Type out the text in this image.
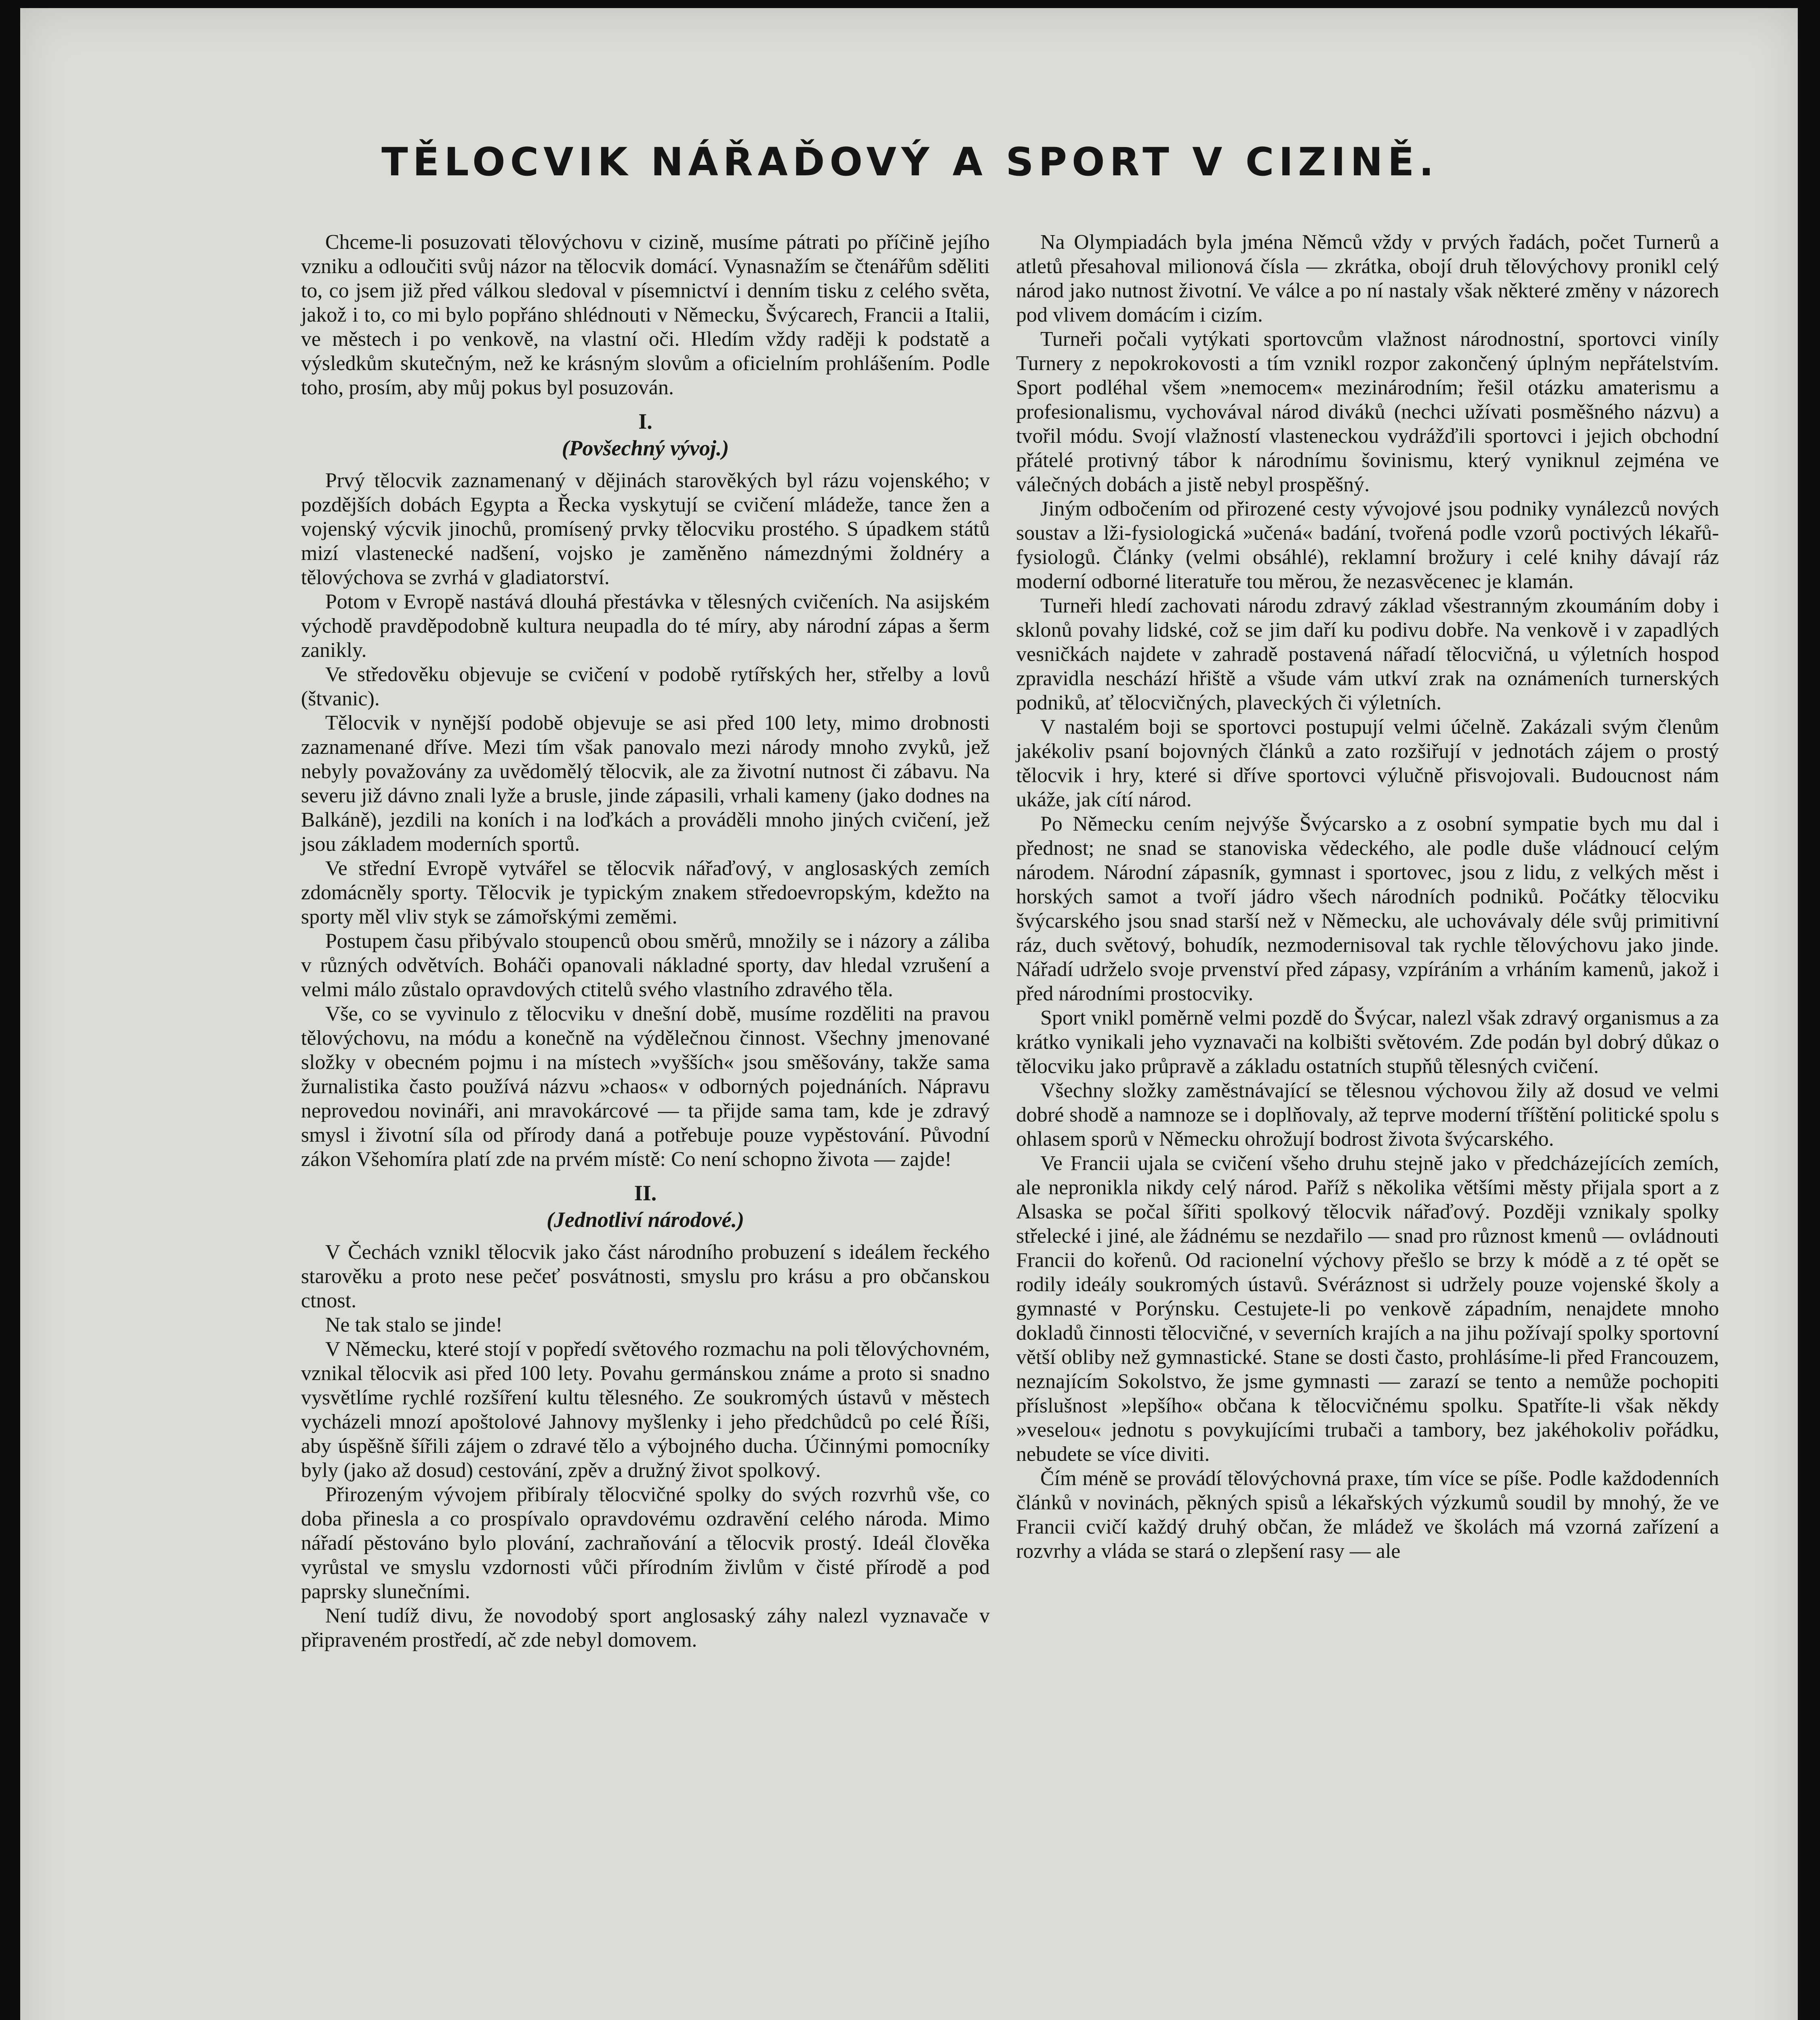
TĚLOCVIK NÁŘAĎOVÝ A SPORT V CIZINĚ.

Chceme-li posuzovati tělovýchovu v cizině, musíme pátrati po příčině jejího vzniku a odloučiti svůj názor na tělocvik domácí. Vynasnažím se čtenářům sděliti to, co jsem již před válkou sledoval v písemnictví i denním tisku z celého světa, jakož i to, co mi bylo popřáno shlédnouti v Německu, Švýcarech, Francii a Italii, ve městech i po venkově, na vlastní oči. Hledím vždy raději k podstatě a výsledkům skutečným, než ke krásným slovům a oficielním prohlášením. Podle toho, prosím, aby můj pokus byl posuzován.

I.
(Povšechný vývoj.)

Prvý tělocvik zaznamenaný v dějinách starověkých byl rázu vojenského; v pozdějších dobách Egypta a Řecka vyskytují se cvičení mládeže, tance žen a vojenský výcvik jinochů, promísený prvky tělocviku prostého. S úpadkem států mizí vlastenecké nadšení, vojsko je zaměněno námezdnými žoldnéry a tělovýchova se zvrhá v gladiatorství.

Potom v Evropě nastává dlouhá přestávka v tělesných cvičeních. Na asijském východě pravděpodobně kultura neupadla do té míry, aby národní zápas a šerm zanikly.

Ve středověku objevuje se cvičení v podobě rytířských her, střelby a lovů (štvanic).

Tělocvik v nynější podobě objevuje se asi před 100 lety, mimo drobnosti zaznamenané dříve. Mezi tím však panovalo mezi národy mnoho zvyků, jež nebyly považovány za uvědomělý tělocvik, ale za životní nutnost či zábavu. Na severu již dávno znali lyže a brusle, jinde zápasili, vrhali kameny (jako dodnes na Balkáně), jezdili na koních i na loďkách a prováděli mnoho jiných cvičení, jež jsou základem moderních sportů.

Ve střední Evropě vytvářel se tělocvik nářaďový, v anglosaských zemích zdomácněly sporty. Tělocvik je typickým znakem středoevropským, kdežto na sporty měl vliv styk se zámořskými zeměmi.

Postupem času přibývalo stoupenců obou směrů, množily se i názory a záliba v různých odvětvích. Boháči opanovali nákladné sporty, dav hledal vzrušení a velmi málo zůstalo opravdových ctitelů svého vlastního zdravého těla.

Vše, co se vyvinulo z tělocviku v dnešní době, musíme rozděliti na pravou tělovýchovu, na módu a konečně na výdělečnou činnost. Všechny jmenované složky v obecném pojmu i na místech »vyšších« jsou směšovány, takže sama žurnalistika často používá názvu »chaos« v odborných pojednáních. Nápravu neprovedou novináři, ani mravokárcové — ta přijde sama tam, kde je zdravý smysl i životní síla od přírody daná a potřebuje pouze vypěstování. Původní zákon Všehomíra platí zde na prvém místě: Co není schopno života — zajde!

II.
(Jednotliví národové.)

V Čechách vznikl tělocvik jako část národního probuzení s ideálem řeckého starověku a proto nese pečeť posvátnosti, smyslu pro krásu a pro občanskou ctnost.

Ne tak stalo se jinde!

V Německu, které stojí v popředí světového rozmachu na poli tělovýchovném, vznikal tělocvik asi před 100 lety. Povahu germánskou známe a proto si snadno vysvětlíme rychlé rozšíření kultu tělesného. Ze soukromých ústavů v městech vycházeli mnozí apoštolové Jahnovy myšlenky i jeho předchůdců po celé Říši, aby úspěšně šířili zájem o zdravé tělo a výbojného ducha. Účinnými pomocníky byly (jako až dosud) cestování, zpěv a družný život spolkový.

Přirozeným vývojem přibíraly tělocvičné spolky do svých rozvrhů vše, co doba přinesla a co prospívalo opravdovému ozdravění celého národa. Mimo nářadí pěstováno bylo plování, zachraňování a tělocvik prostý. Ideál člověka vyrůstal ve smyslu vzdornosti vůči přírodním živlům v čisté přírodě a pod paprsky slunečními.

Není tudíž divu, že novodobý sport anglosaský záhy nalezl vyznavače v připraveném prostředí, ač zde nebyl domovem.

Na Olympiadách byla jména Němců vždy v prvých řadách, počet Turnerů a atletů přesahoval milionová čísla — zkrátka, obojí druh tělovýchovy pronikl celý národ jako nutnost životní. Ve válce a po ní nastaly však některé změny v názorech pod vlivem domácím i cizím.

Turneři počali vytýkati sportovcům vlažnost národnostní, sportovci viníly Turnery z nepokrokovosti a tím vznikl rozpor zakončený úplným nepřátelstvím. Sport podléhal všem »nemocem« mezinárodním; řešil otázku amaterismu a profesionalismu, vychovával národ diváků (nechci užívati posměšného názvu) a tvořil módu. Svojí vlažností vlasteneckou vydrážďili sportovci i jejich obchodní přátelé protivný tábor k národnímu šovinismu, který vyniknul zejména ve válečných dobách a jistě nebyl prospěšný.

Jiným odbočením od přirozené cesty vývojové jsou podniky vynálezců nových soustav a lži-fysiologická »učená« badání, tvořená podle vzorů poctivých lékařů-fysiologů. Články (velmi obsáhlé), reklamní brožury i celé knihy dávají ráz moderní odborné literatuře tou měrou, že nezasvěcenec je klamán.

Turneři hledí zachovati národu zdravý základ všestranným zkoumáním doby i sklonů povahy lidské, což se jim daří ku podivu dobře. Na venkově i v zapadlých vesničkách najdete v zahradě postavená nářadí tělocvičná, u výletních hospod zpravidla neschází hřiště a všude vám utkví zrak na oznámeních turnerských podniků, ať tělocvičných, plaveckých či výletních.

V nastalém boji se sportovci postupují velmi účelně. Zakázali svým členům jakékoliv psaní bojovných článků a zato rozšiřují v jednotách zájem o prostý tělocvik i hry, které si dříve sportovci výlučně přisvojovali. Budoucnost nám ukáže, jak cítí národ.

Po Německu cením nejvýše Švýcarsko a z osobní sympatie bych mu dal i přednost; ne snad se stanoviska vědeckého, ale podle duše vládnoucí celým národem. Národní zápasník, gymnast i sportovec, jsou z lidu, z velkých měst i horských samot a tvoří jádro všech národních podniků. Počátky tělocviku švýcarského jsou snad starší než v Německu, ale uchovávaly déle svůj primitivní ráz, duch světový, bohudík, nezmodernisoval tak rychle tělovýchovu jako jinde. Nářadí udrželo svoje prvenství před zápasy, vzpíráním a vrháním kamenů, jakož i před národními prostocviky.

Sport vnikl poměrně velmi pozdě do Švýcar, nalezl však zdravý organismus a za krátko vynikali jeho vyznavači na kolbišti světovém. Zde podán byl dobrý důkaz o tělocviku jako průpravě a základu ostatních stupňů tělesných cvičení.

Všechny složky zaměstnávající se tělesnou výchovou žily až dosud ve velmi dobré shodě a namnoze se i doplňovaly, až teprve moderní tříštění politické spolu s ohlasem sporů v Německu ohrožují bodrost života švýcarského.

Ve Francii ujala se cvičení všeho druhu stejně jako v předcházejících zemích, ale nepronikla nikdy celý národ. Paříž s několika většími městy přijala sport a z Alsaska se počal šířiti spolkový tělocvik nářaďový. Později vznikaly spolky střelecké i jiné, ale žádnému se nezdařilo — snad pro různost kmenů — ovládnouti Francii do kořenů. Od racionelní výchovy přešlo se brzy k módě a z té opět se rodily ideály soukromých ústavů. Svéráznost si udržely pouze vojenské školy a gymnasté v Porýnsku. Cestujete-li po venkově západním, nenajdete mnoho dokladů činnosti tělocvičné, v severních krajích a na jihu požívají spolky sportovní větší obliby než gymnastické. Stane se dosti často, prohlásíme-li před Francouzem, neznajícím Sokolstvo, že jsme gymnasti — zarazí se tento a nemůže pochopiti příslušnost »lepšího« občana k tělocvičnému spolku. Spatříte-li však někdy »veselou« jednotu s povykujícími trubači a tambory, bez jakéhokoliv pořádku, nebudete se více diviti.

Čím méně se provádí tělovýchovná praxe, tím více se píše. Podle každodenních článků v novinách, pěkných spisů a lékařských výzkumů soudil by mnohý, že ve Francii cvičí každý druhý občan, že mládež ve školách má vzorná zařízení a rozvrhy a vláda se stará o zlepšení rasy — ale
